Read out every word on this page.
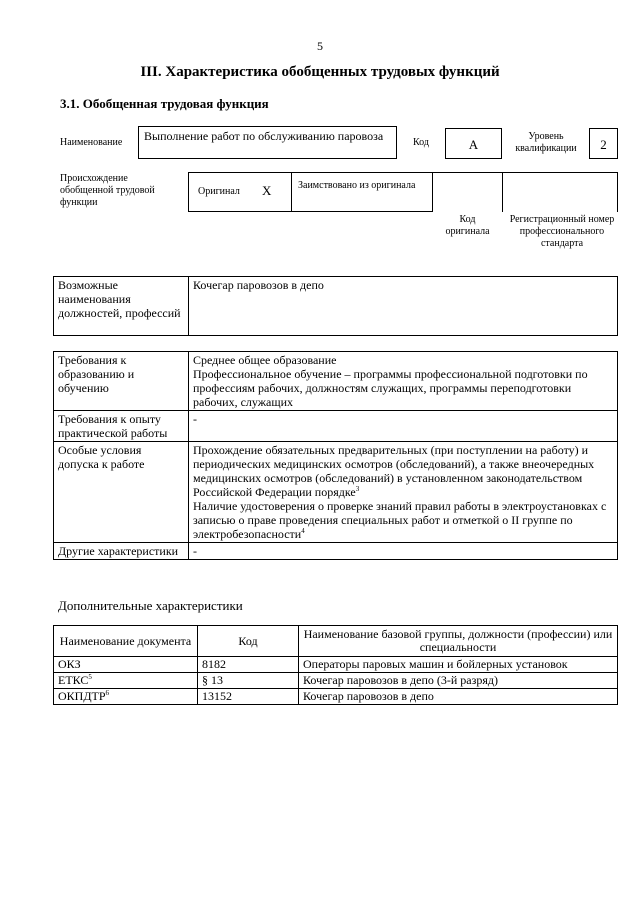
5
III. Характеристика обобщенных трудовых функций
3.1. Обобщенная трудовая функция
Наименование	Выполнение работ по обслуживанию паровоза	Код	А
Уровень квалификации	2
Происхождение обобщенной трудовой функции
Оригинал X	Заимствовано из оригинала
Код оригинала
Регистрационный номер профессионального стандарта
Возможные наименования должностей, профессий	Кочегар паровозов в депо
Требования к образованию и обучению	Среднее общее образование
Профессиональное обучение – программы профессиональной подготовки по профессиям рабочих, должностям служащих, программы переподготовки рабочих, служащих

Требования к опыту практической работы	-
Особые условия допуска к работе	Прохождение обязательных предварительных (при поступлении на работу) и периодических медицинских осмотров (обследований), а также внеочередных медицинских осмотров (обследований) в установленном законодательством Российской Федерации порядке$^3$
Наличие удостоверения о проверке знаний правил работы в электроустановках с записью о праве проведения специальных работ и отметкой о II группе по электробезопасности$^4$

Другие характеристики	-
Дополнительные характеристики
Наименование документа	Код	Наименование базовой группы, должности (профессии) или специальности
ОКЗ	8182	Операторы паровых машин и бойлерных установок
ЕТКС$^5$	§ 13	Кочегар паровозов в депо (3-й разряд)
ОКПДТР$^6$	13152	Кочегар паровозов в депо
